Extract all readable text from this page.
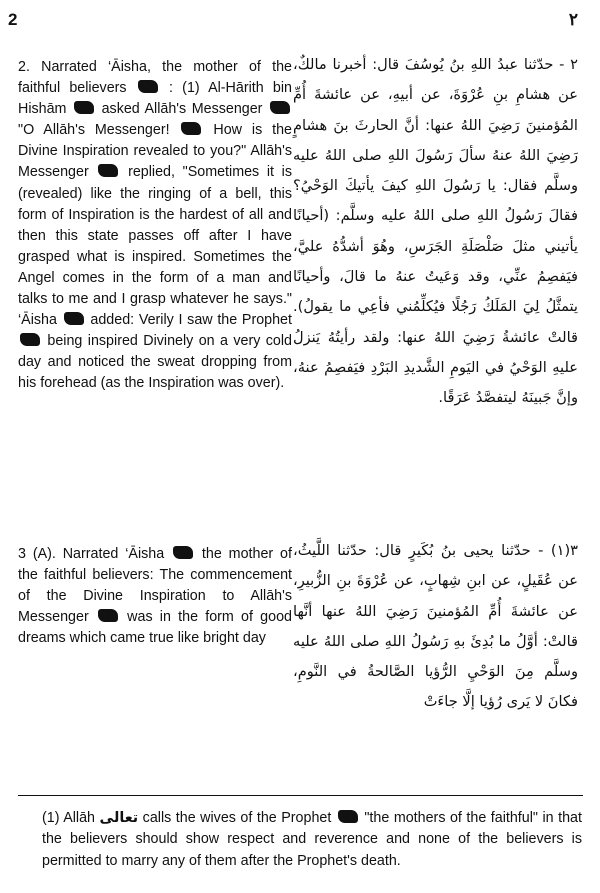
2	٢
2. Narrated ‘Āisha, the mother of the faithful believers	: (1) Al-Hārith bin Hishām asked Allāh's Messenger  "O Allāh's Messenger!	How is the Divine Inspiration revealed to you?" Allāh's Messenger	replied, "Sometimes it is (revealed) like the ringing of a bell, this form of Inspiration is the hardest of all and then this state passes off after I have grasped what is inspired. Sometimes the Angel comes in the form of a man and talks to me and I grasp whatever he says." ‘Āisha added: Verily I saw the Prophet  being inspired Divinely on a very cold day and noticed the sweat dropping from his forehead (as the Inspiration was over).
٢ - حدّثنا عبدُ اللهِ بنُ يُوسُفَ قال: أخبرنا مالكٌ، عن هشامِ بنِ عُرْوَةَ، عن أبيهِ، عن عائشةَ أُمِّ المُؤمنينَ رَضِيَ اللهُ عنها: أنَّ الحارثَ بنَ هشامٍ رَضِيَ اللهُ عنهُ سألَ رَسُولَ اللهِ صلى اللهُ عليه وسلَّم فقال: يا رَسُولَ اللهِ كيفَ يأتيكَ الوَحْيُ؟ فقالَ رَسُولُ اللهِ صلى اللهُ عليه وسلَّم: (أحيانًا يأتيني مثلَ صَلْصَلَةِ الجَرَسِ، وهُوَ أشدُّهُ عليَّ، فيَفصِمُ عنِّي، وقد وَعَيتُ عنهُ ما قالَ، وأحيانًا يتمثَّلُ لِيَ المَلَكُ رَجُلًا فيُكلِّمُني فأعِي ما يقولُ). قالتْ عائشةُ رَضِيَ اللهُ عنها: ولقد رأيتُهُ يَنزلُ عليهِ الوَحْيُ في اليَومِ الشَّديدِ البَرْدِ فيَفصِمُ عنهُ، وإنَّ جَبينَهُ ليتفصَّدُ عَرَقًا.
3 (A). Narrated ‘Āisha	the mother of the faithful believers: The commencement of the Divine Inspiration to Allāh's Messenger	was in the form of good dreams which came true like bright day
٣(١) - حدّثنا يحيى بنُ بُكَيرٍ قال: حدّثنا اللَّيثُ، عن عُقَيلٍ، عن ابنِ شِهابٍ، عن عُرْوَةَ بنِ الزُّبيرِ، عن عائشةَ أُمِّ المُؤمنينَ رَضِيَ اللهُ عنها أنَّها قالتْ: أوَّلُ ما بُدِئَ بهِ رَسُولُ اللهِ صلى اللهُ عليه وسلَّم مِنَ الوَحْيِ الرُّؤيا الصَّالحةُ في النَّومِ، فكانَ لا يَرى رُؤيا إلَّا جاءَتْ
(1) Allāh تعالى calls the wives of the Prophet "the mothers of the faithful" in that the believers should show respect and reverence and none of the believers is permitted to marry any of them after the Prophet's death.
